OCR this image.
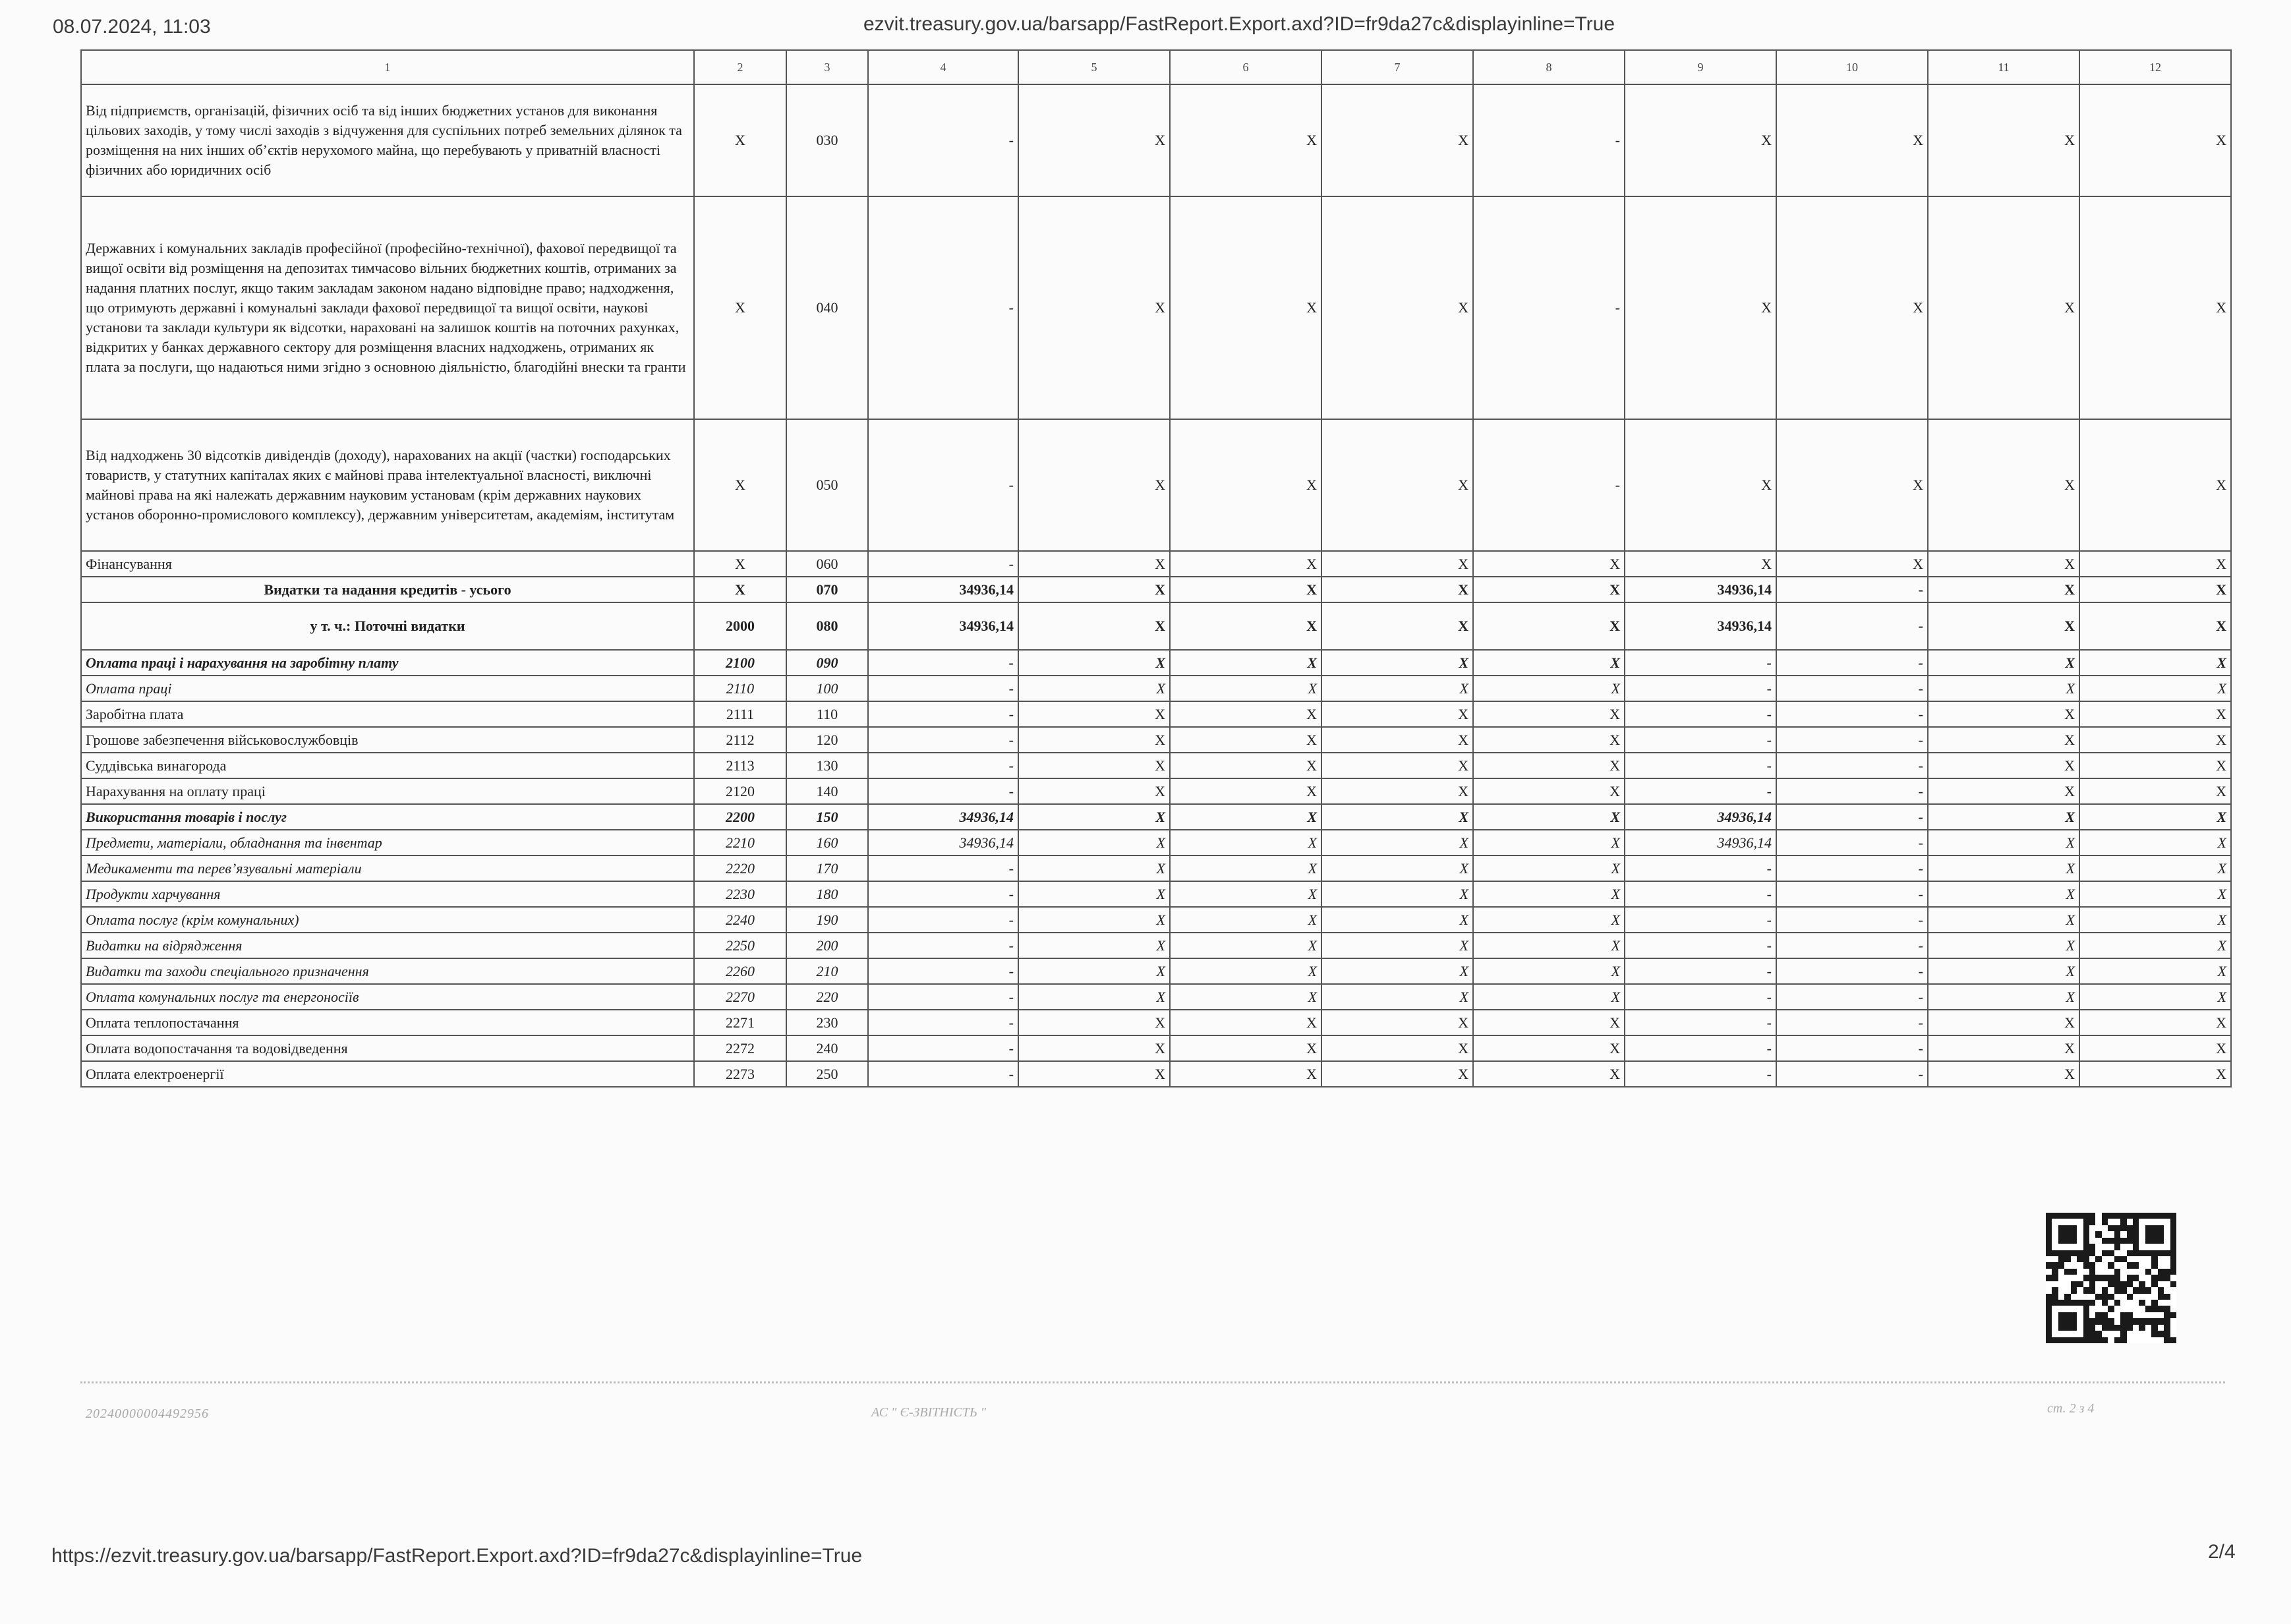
08.07.2024, 11:03	ezvit.treasury.gov.ua/barsapp/FastReport.Export.axd?ID=fr9da27c&displayinline=True
1	2	3	4	5	6	7	8	9	10	11	12
Від підприємств, організацій, фізичних осіб та від інших бюджетних установ для виконання цільових заходів, у тому числі заходів з відчуження для суспільних потреб земельних ділянок та розміщення на них інших об’єктів нерухомого майна, що перебувають у приватній власності фізичних або юридичних осіб	X	030	-	X	X	X	-	X	X	X	X
Державних і комунальних закладів професійної (професійно-технічної), фахової передвищої та вищої освіти від розміщення на депозитах тимчасово вільних бюджетних коштів, отриманих за надання платних послуг, якщо таким закладам законом надано відповідне право; надходження, що отримують державні і комунальні заклади фахової передвищої та вищої освіти, наукові установи та заклади культури як відсотки, нараховані на залишок коштів на поточних рахунках, відкритих у банках державного сектору для розміщення власних надходжень, отриманих як плата за послуги, що надаються ними згідно з основною діяльністю, благодійні внески та гранти	X	040	-	X	X	X	-	X	X	X	X
Від надходжень 30 відсотків дивідендів (доходу), нарахованих на акції (частки) господарських товариств, у статутних капіталах яких є майнові права інтелектуальної власності, виключні майнові права на які належать державним науковим установам (крім державних наукових установ оборонно-промислового комплексу), державним університетам, академіям, інститутам	X	050	-	X	X	X	-	X	X	X	X
Фінансування	X	060	-	X	X	X	X	X	X	X	X
Видатки та надання кредитів - усього	X	070	34936,14	X	X	X	X	34936,14	-	X	X
у т. ч.: Поточні видатки	2000	080	34936,14	X	X	X	X	34936,14	-	X	X
Оплата праці і нарахування на заробітну плату	2100	090	-	X	X	X	X	-	-	X	X
Оплата праці	2110	100	-	X	X	X	X	-	-	X	X
Заробітна плата	2111	110	-	X	X	X	X	-	-	X	X
Грошове забезпечення військовослужбовців	2112	120	-	X	X	X	X	-	-	X	X
Суддівська винагорода	2113	130	-	X	X	X	X	-	-	X	X
Нарахування на оплату праці	2120	140	-	X	X	X	X	-	-	X	X
Використання товарів і послуг	2200	150	34936,14	X	X	X	X	34936,14	-	X	X
Предмети, матеріали, обладнання та інвентар	2210	160	34936,14	X	X	X	X	34936,14	-	X	X
Медикаменти та перев’язувальні матеріали	2220	170	-	X	X	X	X	-	-	X	X
Продукти харчування	2230	180	-	X	X	X	X	-	-	X	X
Оплата послуг (крім комунальних)	2240	190	-	X	X	X	X	-	-	X	X
Видатки на відрядження	2250	200	-	X	X	X	X	-	-	X	X
Видатки та заходи спеціального призначення	2260	210	-	X	X	X	X	-	-	X	X
Оплата комунальних послуг та енергоносіїв	2270	220	-	X	X	X	X	-	-	X	X
Оплата теплопостачання	2271	230	-	X	X	X	X	-	-	X	X
Оплата водопостачання та водовідведення	2272	240	-	X	X	X	X	-	-	X	X
Оплата електроенергії	2273	250	-	X	X	X	X	-	-	X	X
20240000004492956	АС " Є-ЗВІТНІСТЬ "	ст. 2 з 4
https://ezvit.treasury.gov.ua/barsapp/FastReport.Export.axd?ID=fr9da27c&displayinline=True	2/4
